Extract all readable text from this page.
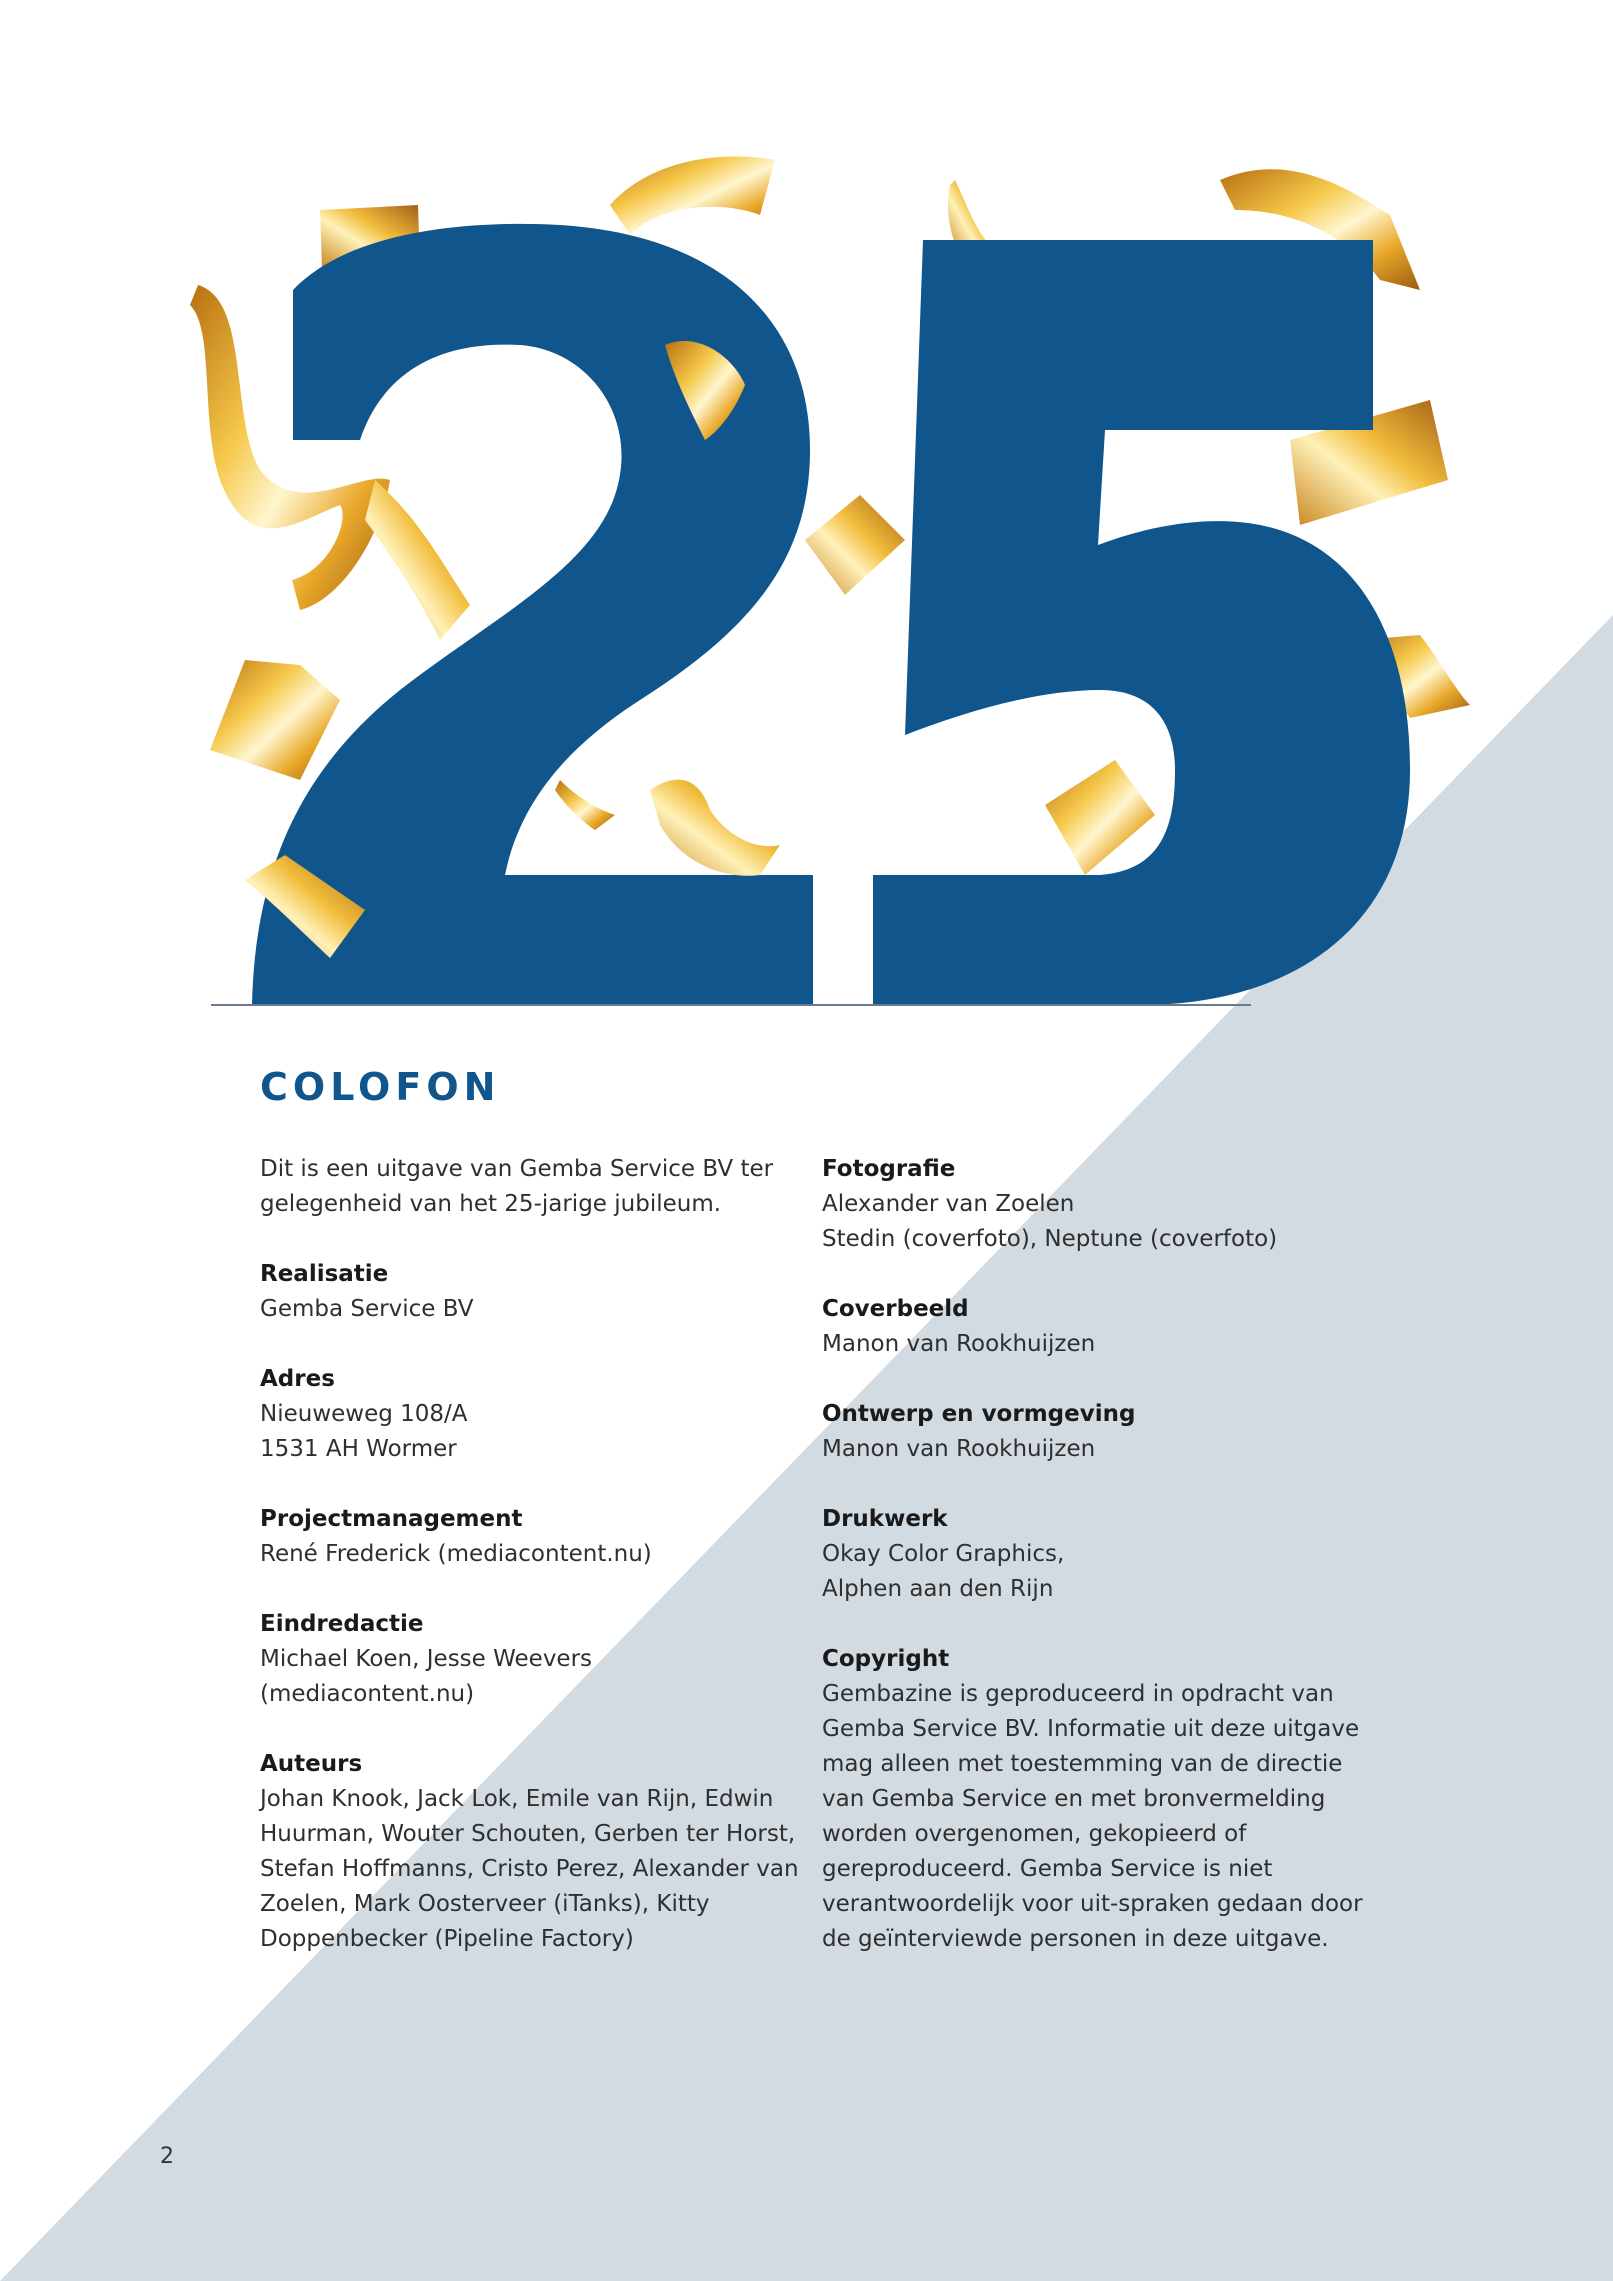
COLOFON
Dit is een uitgave van Gemba Service BV ter gelegenheid van het 25-jarige jubileum.
Realisatie
Gemba Service BV
Adres
Nieuweweg 108/A
1531 AH Wormer
Projectmanagement
René Frederick (mediacontent.nu)
Eindredactie
Michael Koen, Jesse Weevers (mediacontent.nu)
Auteurs
Johan Knook, Jack Lok, Emile van Rijn, Edwin Huurman, Wouter Schouten, Gerben ter Horst, Stefan Hoffmanns, Cristo Perez, Alexander van Zoelen, Mark Oosterveer (iTanks), Kitty Doppenbecker (Pipeline Factory)
Fotografie
Alexander van Zoelen
Stedin (coverfoto), Neptune (coverfoto)
Coverbeeld
Manon van Rookhuijzen
Ontwerp en vormgeving
Manon van Rookhuijzen
Drukwerk
Okay Color Graphics,
Alphen aan den Rijn
Copyright
Gembazine is geproduceerd in opdracht van Gemba Service BV. Informatie uit deze uitgave mag alleen met toestemming van de directie van Gemba Service en met bronvermelding worden overgenomen, gekopieerd of gereproduceerd. Gemba Service is niet verantwoordelijk voor uit-spraken gedaan door de geïnterviewde personen in deze uitgave.
2
